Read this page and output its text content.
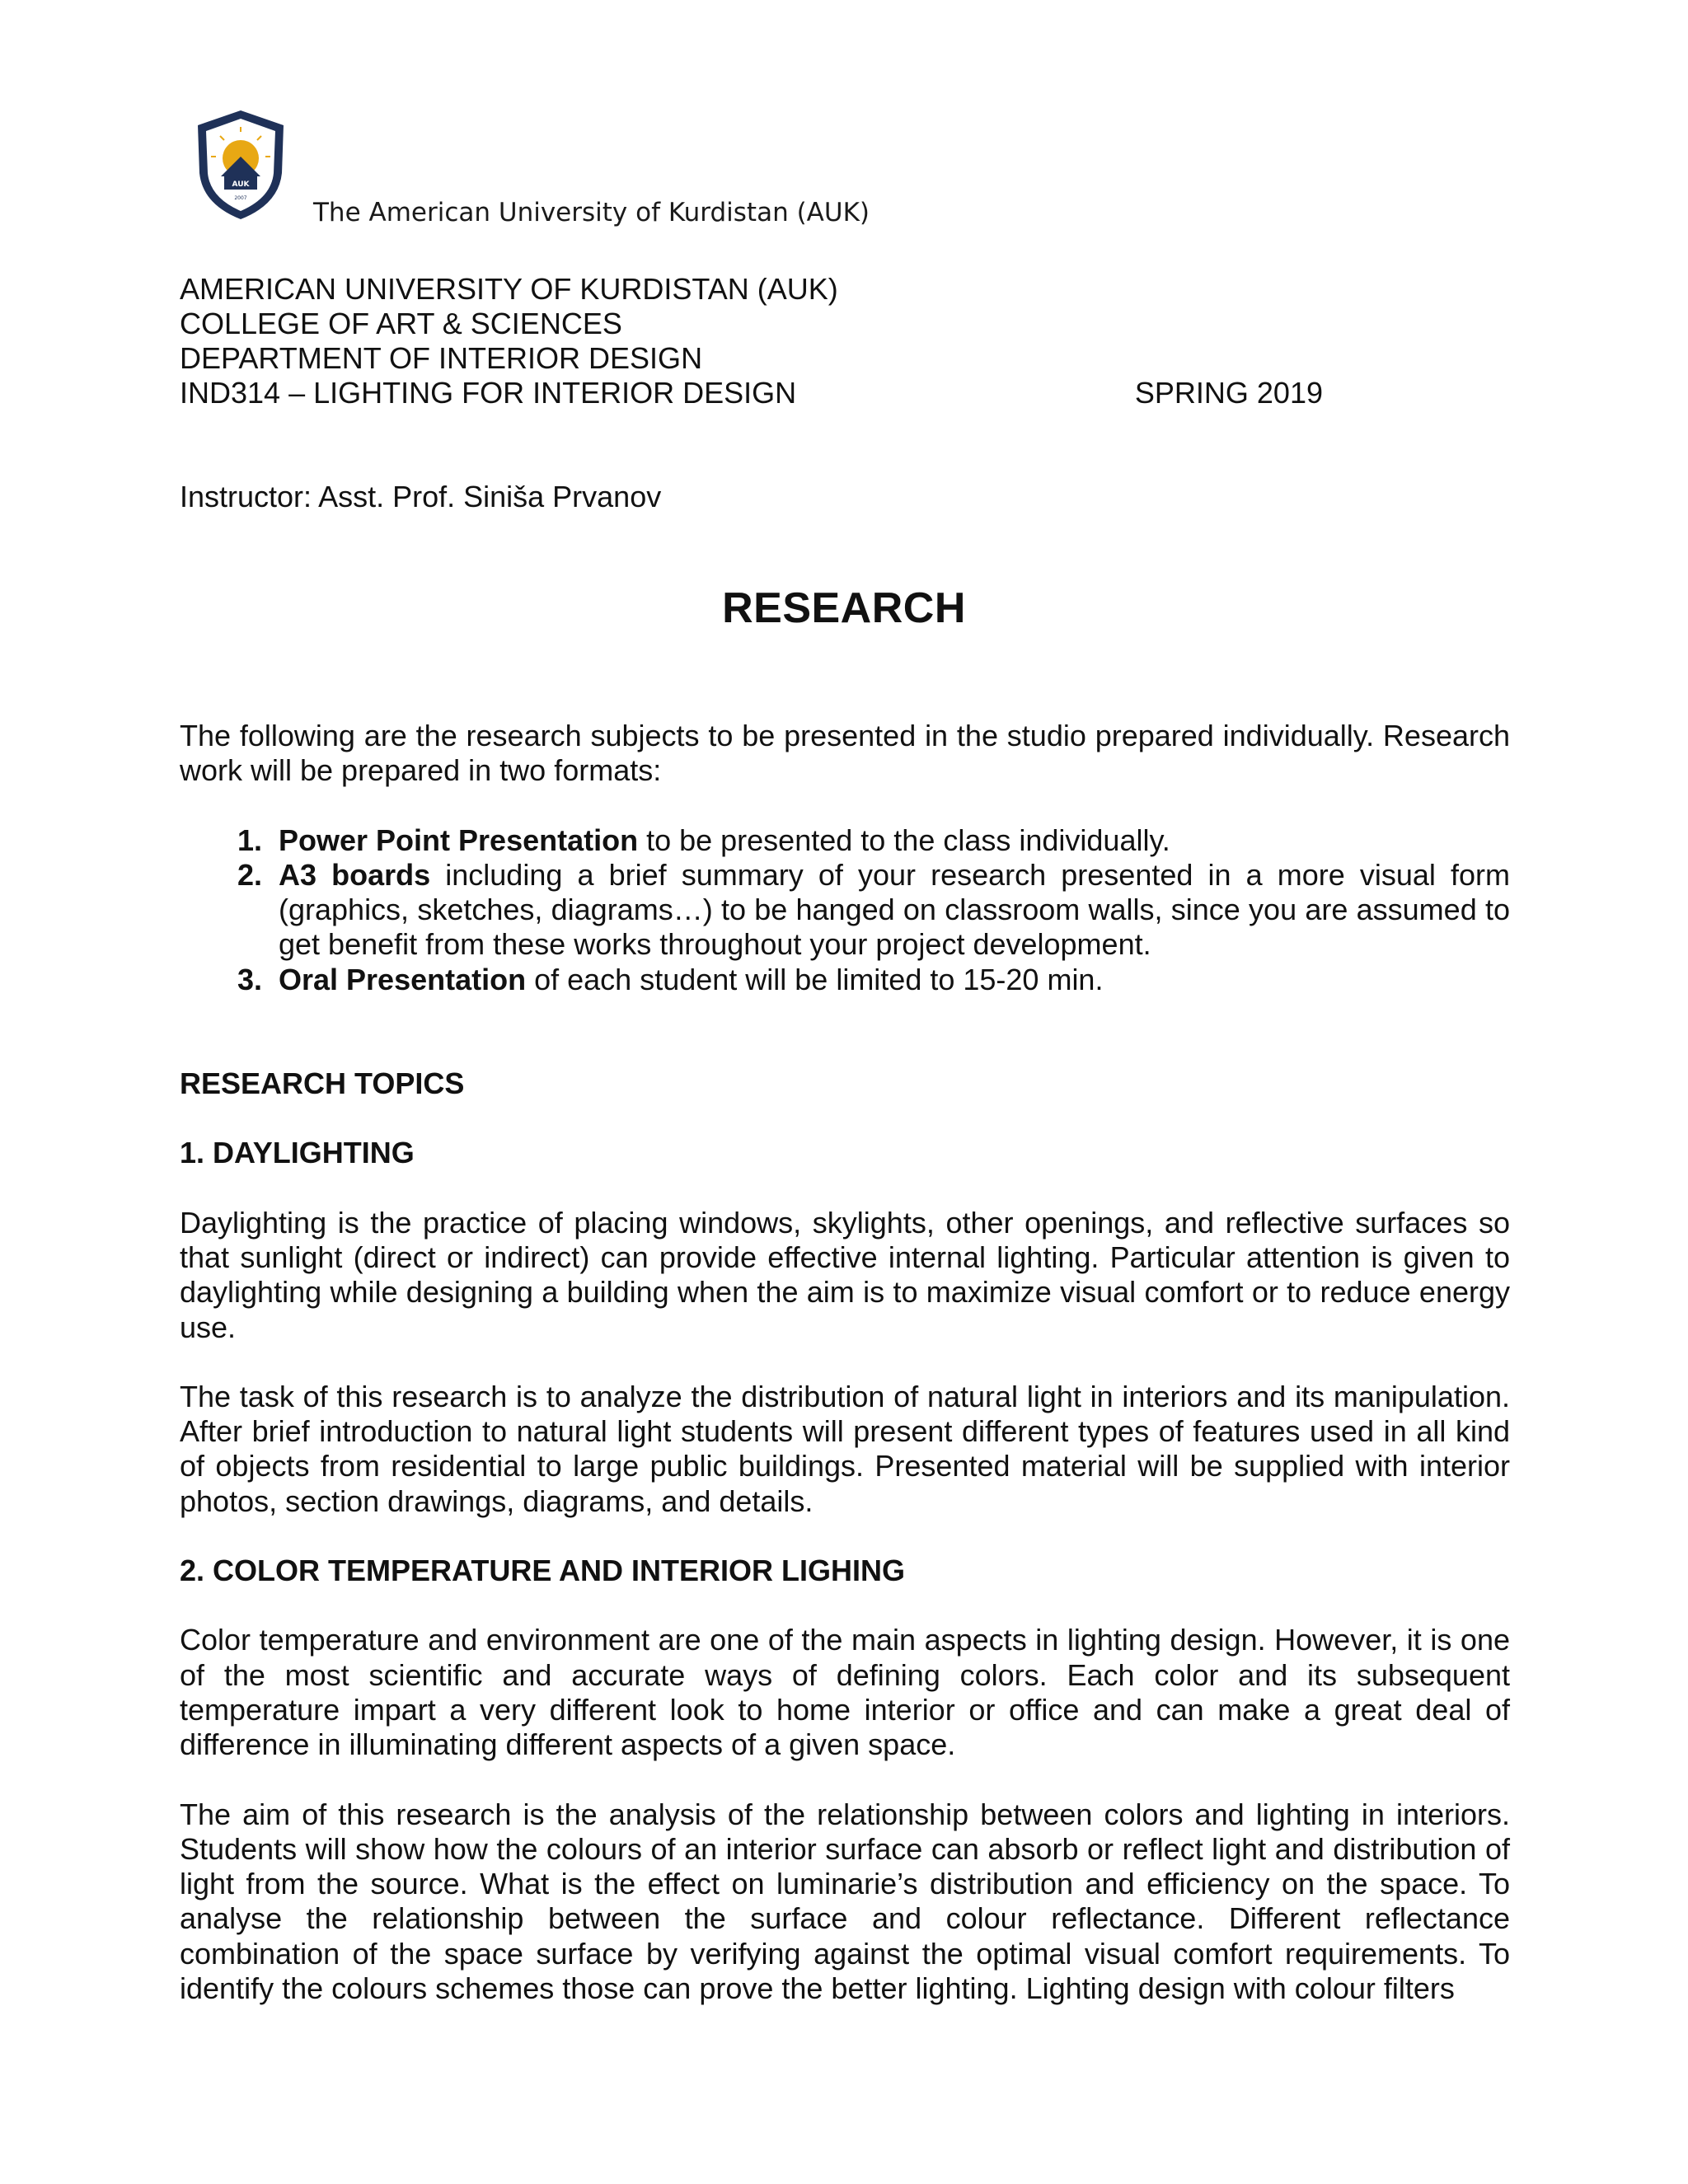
AUK
2007	The American University of Kurdistan (AUK)
AMERICAN UNIVERSITY OF KURDISTAN (AUK)
COLLEGE OF ART & SCIENCES
DEPARTMENT OF INTERIOR DESIGN
IND314 – LIGHTING FOR INTERIOR DESIGN	SPRING 2019
Instructor: Asst. Prof. Siniša Prvanov
RESEARCH

The following are the research subjects to be presented in the studio prepared individually. Research work will be prepared in two formats:

1. Power Point Presentation to be presented to the class individually.
2. A3 boards including a brief summary of your research presented in a more visual form (graphics, sketches, diagrams…) to be hanged on classroom walls, since you are assumed to get benefit from these works throughout your project development.
3. Oral Presentation of each student will be limited to 15-20 min.

RESEARCH TOPICS

1. DAYLIGHTING

Daylighting is the practice of placing windows, skylights, other openings, and reflective surfaces so that sunlight (direct or indirect) can provide effective internal lighting. Particular attention is given to daylighting while designing a building when the aim is to maximize visual comfort or to reduce energy use.

The task of this research is to analyze the distribution of natural light in interiors and its manipulation. After brief introduction to natural light students will present different types of features used in all kind of objects from residential to large public buildings. Presented material will be supplied with interior photos, section drawings, diagrams, and details.

2. COLOR TEMPERATURE AND INTERIOR LIGHING

Color temperature and environment are one of the main aspects in lighting design. However, it is one of the most scientific and accurate ways of defining colors. Each color and its subsequent temperature impart a very different look to home interior or office and can make a great deal of difference in illuminating different aspects of a given space.

The aim of this research is the analysis of the relationship between colors and lighting in interiors. Students will show how the colours of an interior surface can absorb or reflect light and distribution of light from the source. What is the effect on luminarie’s distribution and efficiency on the space. To analyse the relationship between the surface and colour reflectance. Different reflectance combination of the space surface by verifying against the optimal visual comfort requirements. To identify the colours schemes those can prove the better lighting. Lighting design with colour filters
